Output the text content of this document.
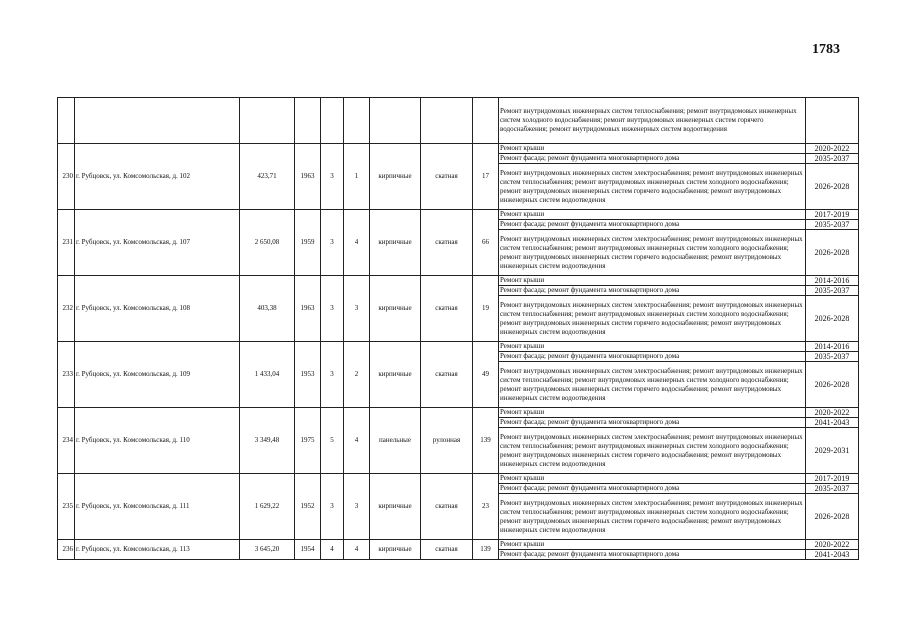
1783
									Ремонт внутридомовых инженерных систем теплоснабжения; ремонт внутридомовых инженерных систем холодного водоснабжения; ремонт внутридомовых инженерных систем горячего водоснабжения; ремонт внутридомовых инженерных систем водоотведения	
230	г. Рубцовск, ул. Комсомольская, д. 102	423,71	1963	3	1	кирпичные	скатная	17	Ремонт крыши	2020-2022
									Ремонт фасада; ремонт фундамента многоквартирного дома	2035-2037
									Ремонт внутридомовых инженерных систем электроснабжения; ремонт внутридомовых инженерных систем теплоснабжения; ремонт внутридомовых инженерных систем холодного водоснабжения; ремонт внутридомовых инженерных систем горячего водоснабжения; ремонт внутридомовых инженерных систем водоотведения	2026-2028
231	г. Рубцовск, ул. Комсомольская, д. 107	2 650,08	1959	3	4	кирпичные	скатная	66	Ремонт крыши	2017-2019
									Ремонт фасада; ремонт фундамента многоквартирного дома	2035-2037
									Ремонт внутридомовых инженерных систем электроснабжения; ремонт внутридомовых инженерных систем теплоснабжения; ремонт внутридомовых инженерных систем холодного водоснабжения; ремонт внутридомовых инженерных систем горячего водоснабжения; ремонт внутридомовых инженерных систем водоотведения	2026-2028
232	г. Рубцовск, ул. Комсомольская, д. 108	403,38	1963	3	3	кирпичные	скатная	19	Ремонт крыши	2014-2016
									Ремонт фасада; ремонт фундамента многоквартирного дома	2035-2037
									Ремонт внутридомовых инженерных систем электроснабжения; ремонт внутридомовых инженерных систем теплоснабжения; ремонт внутридомовых инженерных систем холодного водоснабжения; ремонт внутридомовых инженерных систем горячего водоснабжения; ремонт внутридомовых инженерных систем водоотведения	2026-2028
233	г. Рубцовск, ул. Комсомольская, д. 109	1 433,04	1953	3	2	кирпичные	скатная	49	Ремонт крыши	2014-2016
									Ремонт фасада; ремонт фундамента многоквартирного дома	2035-2037
									Ремонт внутридомовых инженерных систем электроснабжения; ремонт внутридомовых инженерных систем теплоснабжения; ремонт внутридомовых инженерных систем холодного водоснабжения; ремонт внутридомовых инженерных систем горячего водоснабжения; ремонт внутридомовых инженерных систем водоотведения	2026-2028
234	г. Рубцовск, ул. Комсомольская, д. 110	3 349,48	1975	5	4	панельные	рулонная	139	Ремонт крыши	2020-2022
									Ремонт фасада; ремонт фундамента многоквартирного дома	2041-2043
									Ремонт внутридомовых инженерных систем электроснабжения; ремонт внутридомовых инженерных систем теплоснабжения; ремонт внутридомовых инженерных систем холодного водоснабжения; ремонт внутридомовых инженерных систем горячего водоснабжения; ремонт внутридомовых инженерных систем водоотведения	2029-2031
235	г. Рубцовск, ул. Комсомольская, д. 111	1 629,22	1952	3	3	кирпичные	скатная	23	Ремонт крыши	2017-2019
									Ремонт фасада; ремонт фундамента многоквартирного дома	2035-2037
									Ремонт внутридомовых инженерных систем электроснабжения; ремонт внутридомовых инженерных систем теплоснабжения; ремонт внутридомовых инженерных систем холодного водоснабжения; ремонт внутридомовых инженерных систем горячего водоснабжения; ремонт внутридомовых инженерных систем водоотведения	2026-2028
236	г. Рубцовск, ул. Комсомольская, д. 113	3 645,20	1954	4	4	кирпичные	скатная	139	Ремонт крыши	2020-2022
									Ремонт фасада; ремонт фундамента многоквартирного дома	2041-2043
